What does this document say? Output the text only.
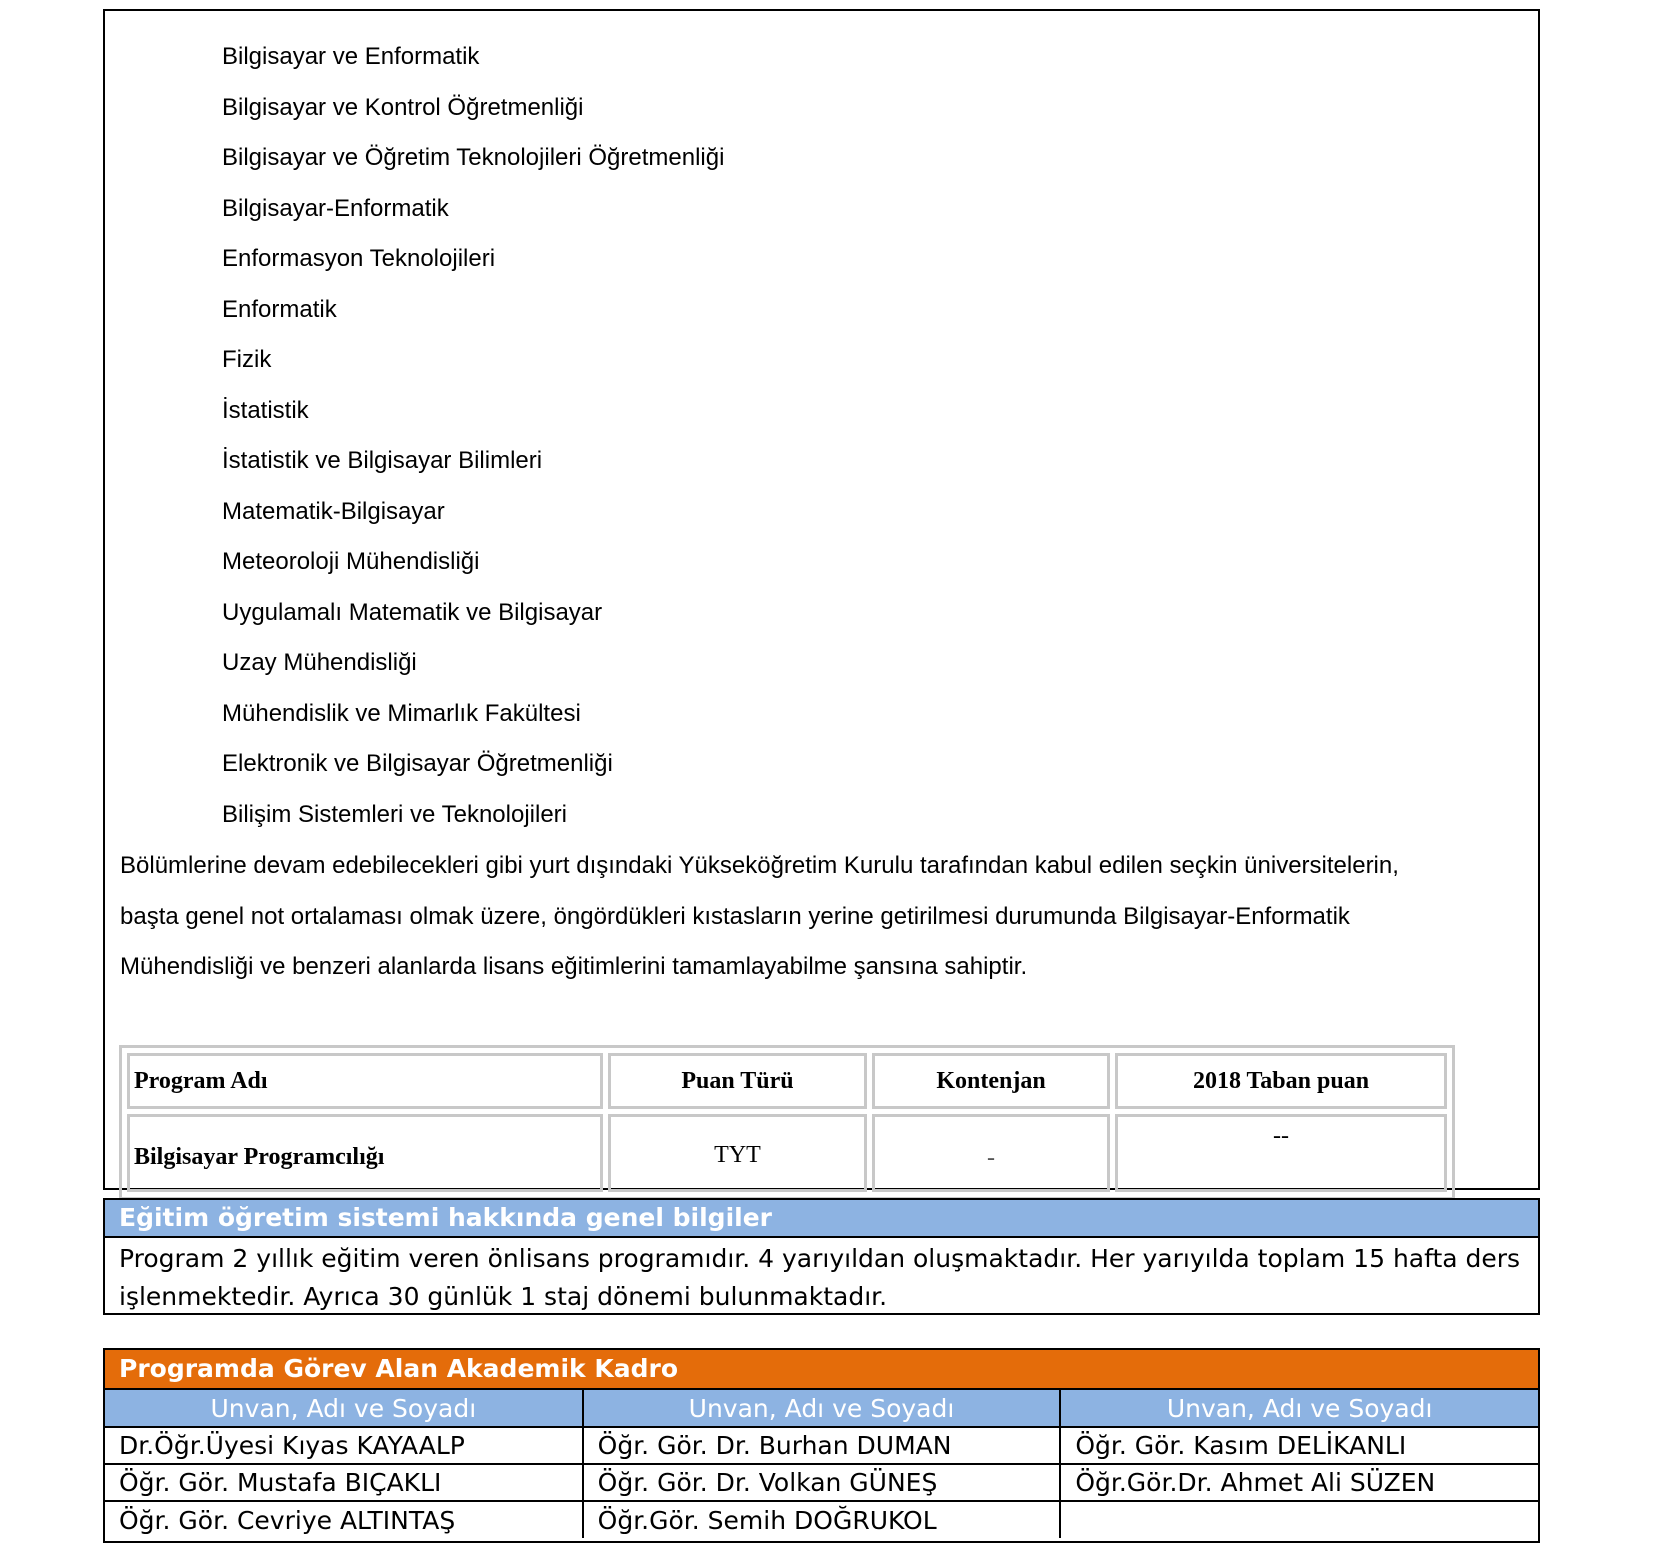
Bilgisayar ve Enformatik
Bilgisayar ve Kontrol Öğretmenliği
Bilgisayar ve Öğretim Teknolojileri Öğretmenliği
Bilgisayar-Enformatik
Enformasyon Teknolojileri
Enformatik
Fizik
İstatistik
İstatistik ve Bilgisayar Bilimleri
Matematik-Bilgisayar
Meteoroloji Mühendisliği
Uygulamalı Matematik ve Bilgisayar
Uzay Mühendisliği
Mühendislik ve Mimarlık Fakültesi
Elektronik ve Bilgisayar Öğretmenliği
Bilişim Sistemleri ve Teknolojileri
Bölümlerine devam edebilecekleri gibi yurt dışındaki Yükseköğretim Kurulu tarafından kabul edilen seçkin üniversitelerin,
başta genel not ortalaması olmak üzere, öngördükleri kıstasların yerine getirilmesi durumunda Bilgisayar-Enformatik
Mühendisliği ve benzeri alanlarda lisans eğitimlerini tamamlayabilme şansına sahiptir.
Program Adı	Puan Türü	Kontenjan	2018 Taban puan
Bilgisayar Programcılığı	TYT	-	--
Eğitim öğretim sistemi hakkında genel bilgiler
Program 2 yıllık eğitim veren önlisans programıdır. 4 yarıyıldan oluşmaktadır. Her yarıyılda toplam 15 hafta ders
işlenmektedir. Ayrıca 30 günlük 1 staj dönemi bulunmaktadır.
Programda Görev Alan Akademik Kadro
Unvan, Adı ve Soyadı	Unvan, Adı ve Soyadı	Unvan, Adı ve Soyadı
Dr.Öğr.Üyesi Kıyas KAYAALP	Öğr. Gör. Dr. Burhan DUMAN	Öğr. Gör. Kasım DELİKANLI
Öğr. Gör. Mustafa BIÇAKLI	Öğr. Gör. Dr. Volkan GÜNEŞ	Öğr.Gör.Dr. Ahmet Ali SÜZEN
Öğr. Gör. Cevriye ALTINTAŞ	Öğr.Gör. Semih DOĞRUKOL	
